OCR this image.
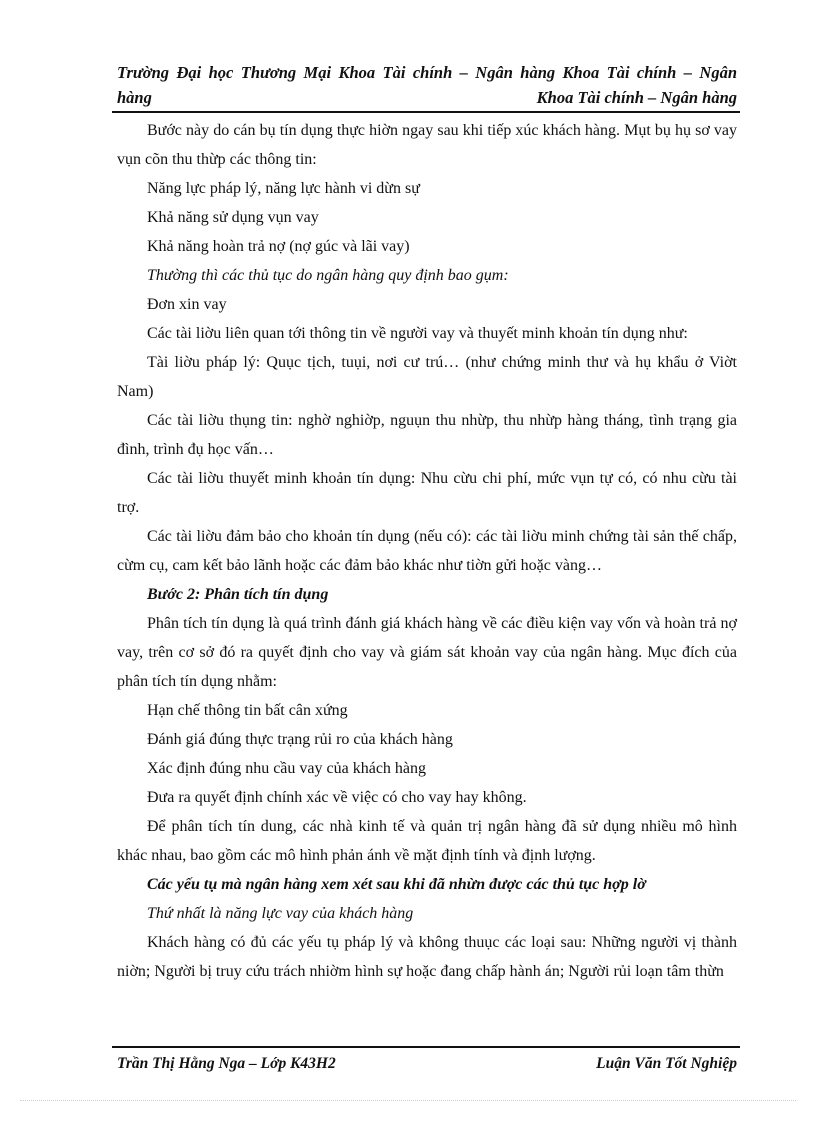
Trường Đại học Thương Mại Khoa Tài chính – Ngân hàng Khoa Tài chính – Ngân
hàng	Khoa Tài chính – Ngân hàng

Bước này do cán bụ tín dụng thực hiờn ngay sau khi tiếp xúc khách hàng. Mụt bụ hụ sơ vay vụn cõn thu thừp các thông tin:

Năng lực pháp lý, năng lực hành vi dừn sự

Khả năng sử dụng vụn vay

Khả năng hoàn trả nợ (nợ gúc và lãi vay)

Thường thì các thủ tục do ngân hàng quy định bao gụm:

Đơn xin vay

Các tài liờu liên quan tới thông tin về người vay và thuyết minh khoản tín dụng như:

Tài liờu pháp lý: Quục tịch, tuụi, nơi cư trú… (như chứng minh thư và hụ khẩu ở Viờt Nam)

Các tài liờu thụng tin: nghờ nghiờp, nguụn thu nhừp, thu nhừp hàng tháng, tình trạng gia đình, trình đụ học vấn…

Các tài liờu thuyết minh khoản tín dụng: Nhu cừu chi phí, mức vụn tự có, có nhu cừu tài trợ.

Các tài liờu đảm bảo cho khoản tín dụng (nếu có): các tài liờu minh chứng tài sản thế chấp, cừm cụ, cam kết bảo lãnh hoặc các đảm bảo khác như tiờn gửi hoặc vàng…

Bước 2: Phân tích tín dụng

Phân tích tín dụng là quá trình đánh giá khách hàng về các điều kiện vay vốn và hoàn trả nợ vay, trên cơ sở đó ra quyết định cho vay và giám sát khoản vay của ngân hàng. Mục đích của phân tích tín dụng nhằm:

Hạn chế thông tin bất cân xứng

Đánh giá đúng thực trạng rủi ro của khách hàng

Xác định đúng nhu cầu vay của khách hàng

Đưa ra quyết định chính xác về việc có cho vay hay không.

Để phân tích tín dung, các nhà kinh tế và quản trị ngân hàng đã sử dụng nhiều mô hình khác nhau, bao gồm các mô hình phản ánh về mặt định tính và định lượng.

Các yếu tụ mà ngân hàng xem xét sau khi đã nhừn được các thủ tục hợp lờ

Thứ nhất là năng lực vay của khách hàng

Khách hàng có đủ các yếu tụ pháp lý và không thuục các loại sau: Những người vị thành niờn; Người bị truy cứu trách nhiờm hình sự hoặc đang chấp hành án; Người rủi loạn tâm thừn

Trần Thị Hằng Nga – Lớp K43H2	Luận Văn Tốt Nghiệp
